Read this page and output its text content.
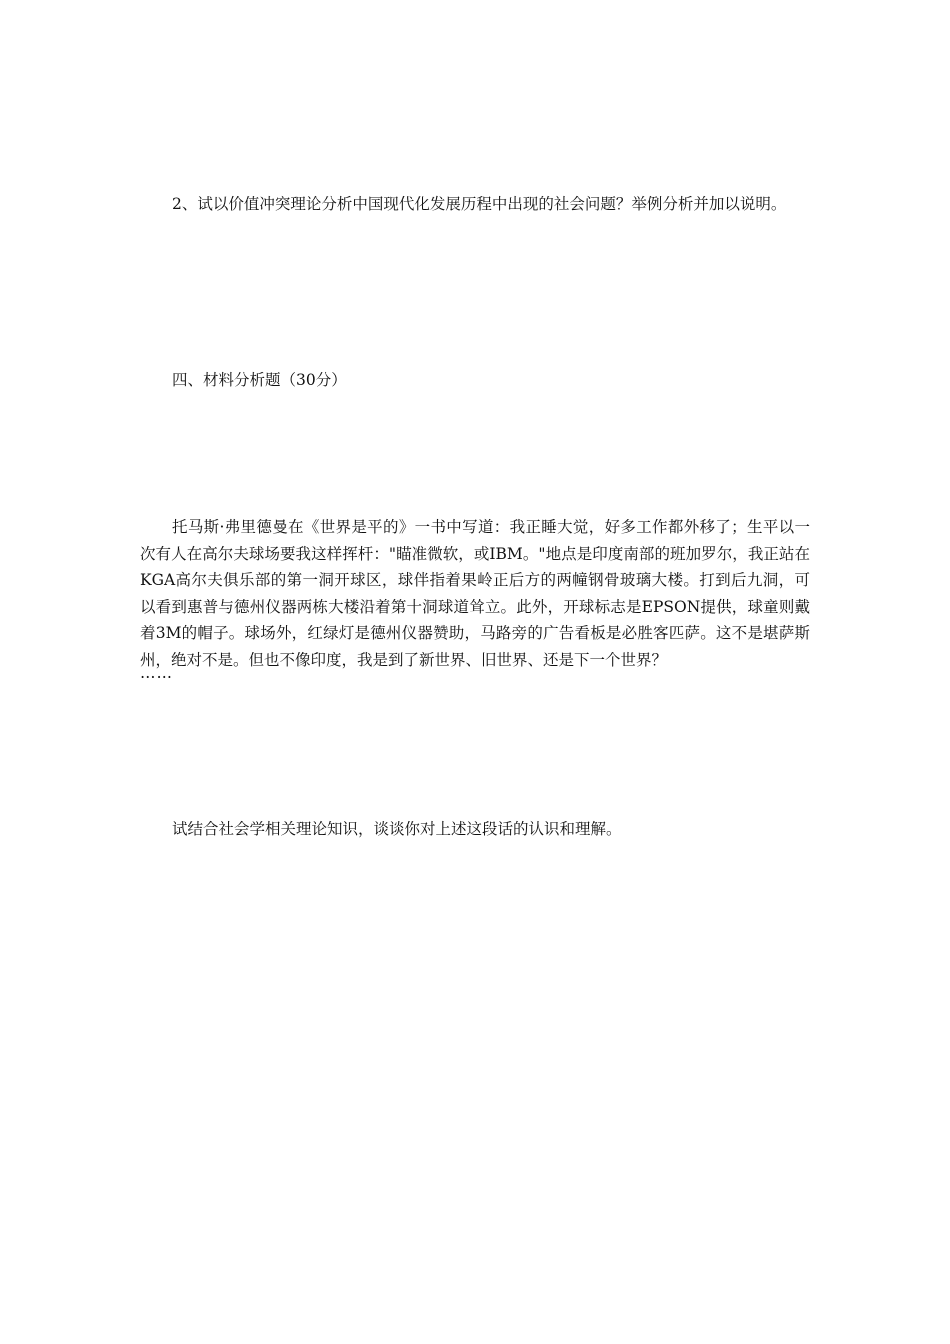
2、试以价值冲突理论分析中国现代化发展历程中出现的社会问题？举例分析并加以说明。

四、材料分析题（30分）

托马斯·弗里德曼在《世界是平的》一书中写道：我正睡大觉，好多工作都外移了；生平以一次有人在高尔夫球场要我这样挥杆："瞄准微软，或IBM。"地点是印度南部的班加罗尔，我正站在KGA高尔夫俱乐部的第一洞开球区，球伴指着果岭正后方的两幢钢骨玻璃大楼。打到后九洞，可以看到惠普与德州仪器两栋大楼沿着第十洞球道耸立。此外，开球标志是EPSON提供，球童则戴着3M的帽子。球场外，红绿灯是德州仪器赞助，马路旁的广告看板是必胜客匹萨。这不是堪萨斯州，绝对不是。但也不像印度，我是到了新世界、旧世界、还是下一个世界？

……

试结合社会学相关理论知识，谈谈你对上述这段话的认识和理解。
